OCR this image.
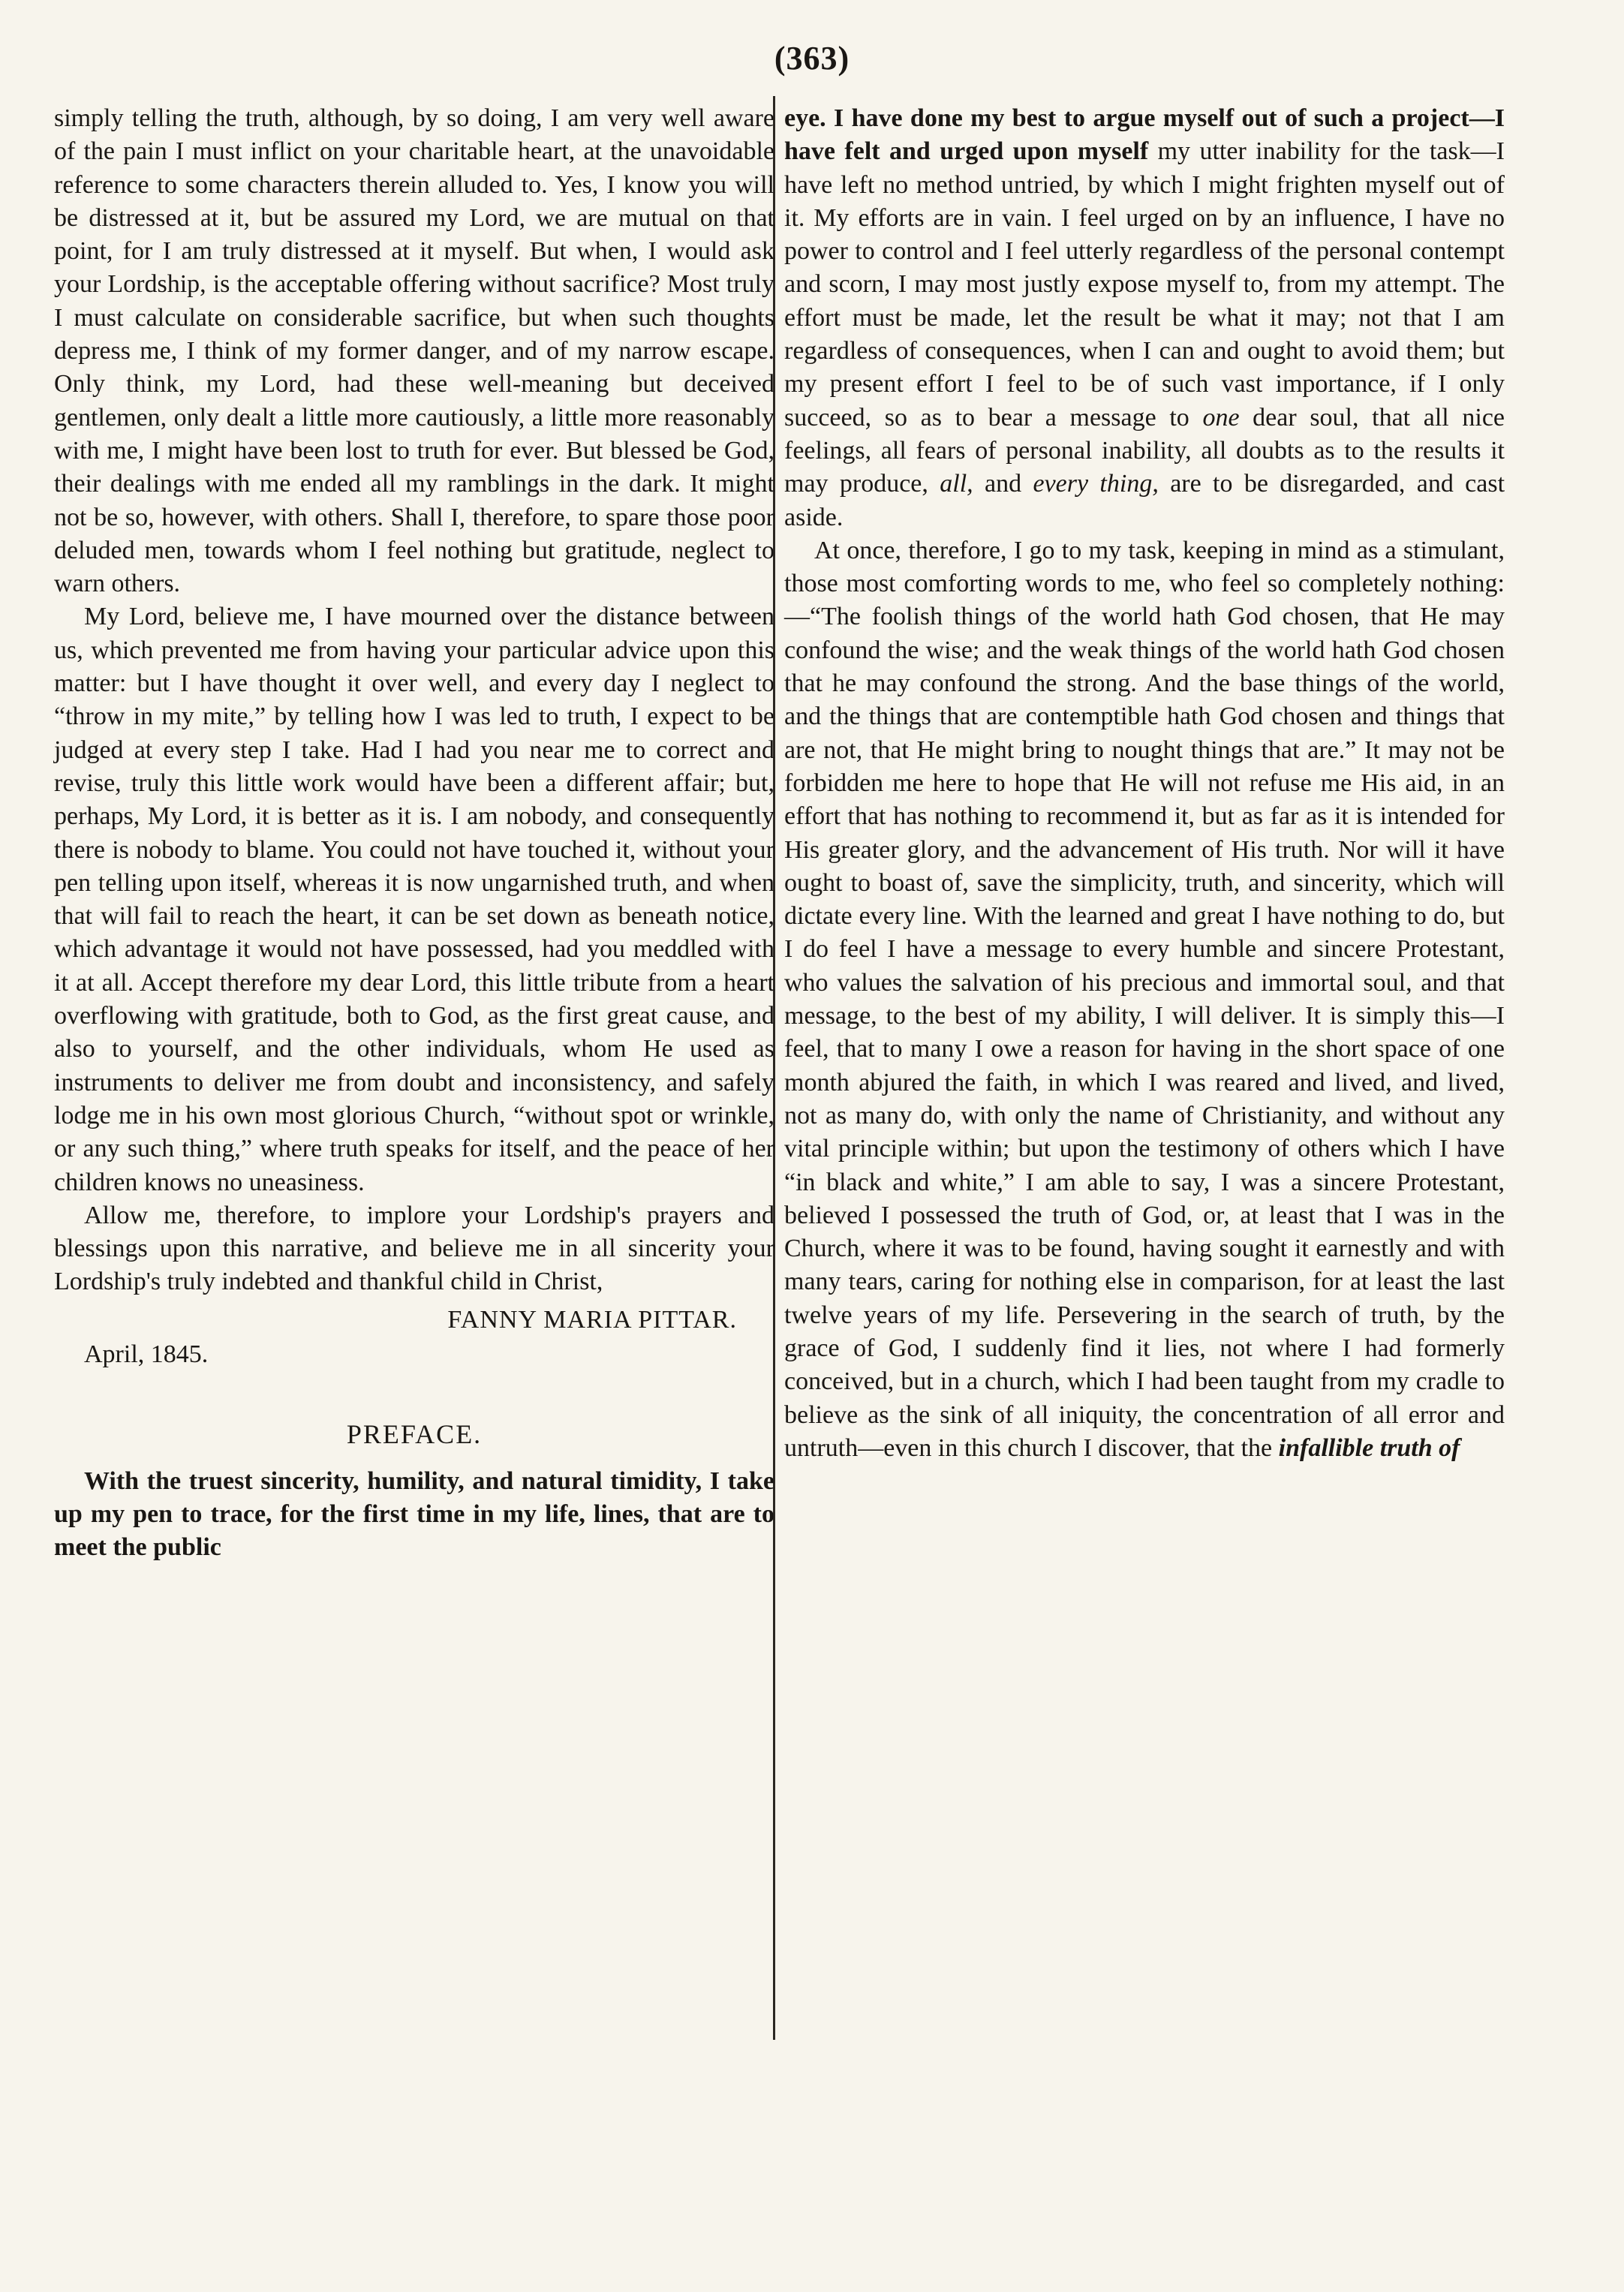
(363)

simply telling the truth, although, by so doing, I am very well aware of the pain I must inflict on your charitable heart, at the unavoidable reference to some characters therein alluded to. Yes, I know you will be distressed at it, but be assured my Lord, we are mutual on that point, for I am truly distressed at it myself. But when, I would ask your Lordship, is the acceptable offering without sacrifice? Most truly I must calculate on considerable sacrifice, but when such thoughts depress me, I think of my former danger, and of my narrow escape. Only think, my Lord, had these well-meaning but deceived gentlemen, only dealt a little more cautiously, a little more reasonably with me, I might have been lost to truth for ever. But blessed be God, their dealings with me ended all my ramblings in the dark. It might not be so, however, with others. Shall I, therefore, to spare those poor deluded men, towards whom I feel nothing but gratitude, neglect to warn others.

My Lord, believe me, I have mourned over the distance between us, which prevented me from having your particular advice upon this matter: but I have thought it over well, and every day I neglect to “throw in my mite,” by telling how I was led to truth, I expect to be judged at every step I take. Had I had you near me to correct and revise, truly this little work would have been a different affair; but, perhaps, My Lord, it is better as it is. I am nobody, and consequently there is nobody to blame. You could not have touched it, without your pen telling upon itself, whereas it is now ungarnished truth, and when that will fail to reach the heart, it can be set down as beneath notice, which advantage it would not have possessed, had you meddled with it at all. Accept therefore my dear Lord, this little tribute from a heart overflowing with gratitude, both to God, as the first great cause, and also to yourself, and the other individuals, whom He used as instruments to deliver me from doubt and inconsistency, and safely lodge me in his own most glorious Church, “without spot or wrinkle, or any such thing,” where truth speaks for itself, and the peace of her children knows no uneasiness.

Allow me, therefore, to implore your Lordship's prayers and blessings upon this narrative, and believe me in all sincerity your Lordship's truly indebted and thankful child in Christ,

FANNY MARIA PITTAR.
April, 1845.
PREFACE.

With the truest sincerity, humility, and natural timidity, I take up my pen to trace, for the first time in my life, lines, that are to meet the public

eye. I have done my best to argue myself out of such a project—I have felt and urged upon myself my utter inability for the task—I have left no method untried, by which I might frighten myself out of it. My efforts are in vain. I feel urged on by an influence, I have no power to control and I feel utterly regardless of the personal contempt and scorn, I may most justly expose myself to, from my attempt. The effort must be made, let the result be what it may; not that I am regardless of consequences, when I can and ought to avoid them; but my present effort I feel to be of such vast importance, if I only succeed, so as to bear a message to one dear soul, that all nice feelings, all fears of personal inability, all doubts as to the results it may produce, all, and every thing, are to be disregarded, and cast aside.

At once, therefore, I go to my task, keeping in mind as a stimulant, those most comforting words to me, who feel so completely nothing:—“The foolish things of the world hath God chosen, that He may confound the wise; and the weak things of the world hath God chosen that he may confound the strong. And the base things of the world, and the things that are contemptible hath God chosen and things that are not, that He might bring to nought things that are.” It may not be forbidden me here to hope that He will not refuse me His aid, in an effort that has nothing to recommend it, but as far as it is intended for His greater glory, and the advancement of His truth. Nor will it have ought to boast of, save the simplicity, truth, and sincerity, which will dictate every line. With the learned and great I have nothing to do, but I do feel I have a message to every humble and sincere Protestant, who values the salvation of his precious and immortal soul, and that message, to the best of my ability, I will deliver. It is simply this—I feel, that to many I owe a reason for having in the short space of one month abjured the faith, in which I was reared and lived, and lived, not as many do, with only the name of Christianity, and without any vital principle within; but upon the testimony of others which I have “in black and white,” I am able to say, I was a sincere Protestant, believed I possessed the truth of God, or, at least that I was in the Church, where it was to be found, having sought it earnestly and with many tears, caring for nothing else in comparison, for at least the last twelve years of my life. Persevering in the search of truth, by the grace of God, I suddenly find it lies, not where I had formerly conceived, but in a church, which I had been taught from my cradle to believe as the sink of all iniquity, the concentration of all error and untruth—even in this church I discover, that the infallible truth of
